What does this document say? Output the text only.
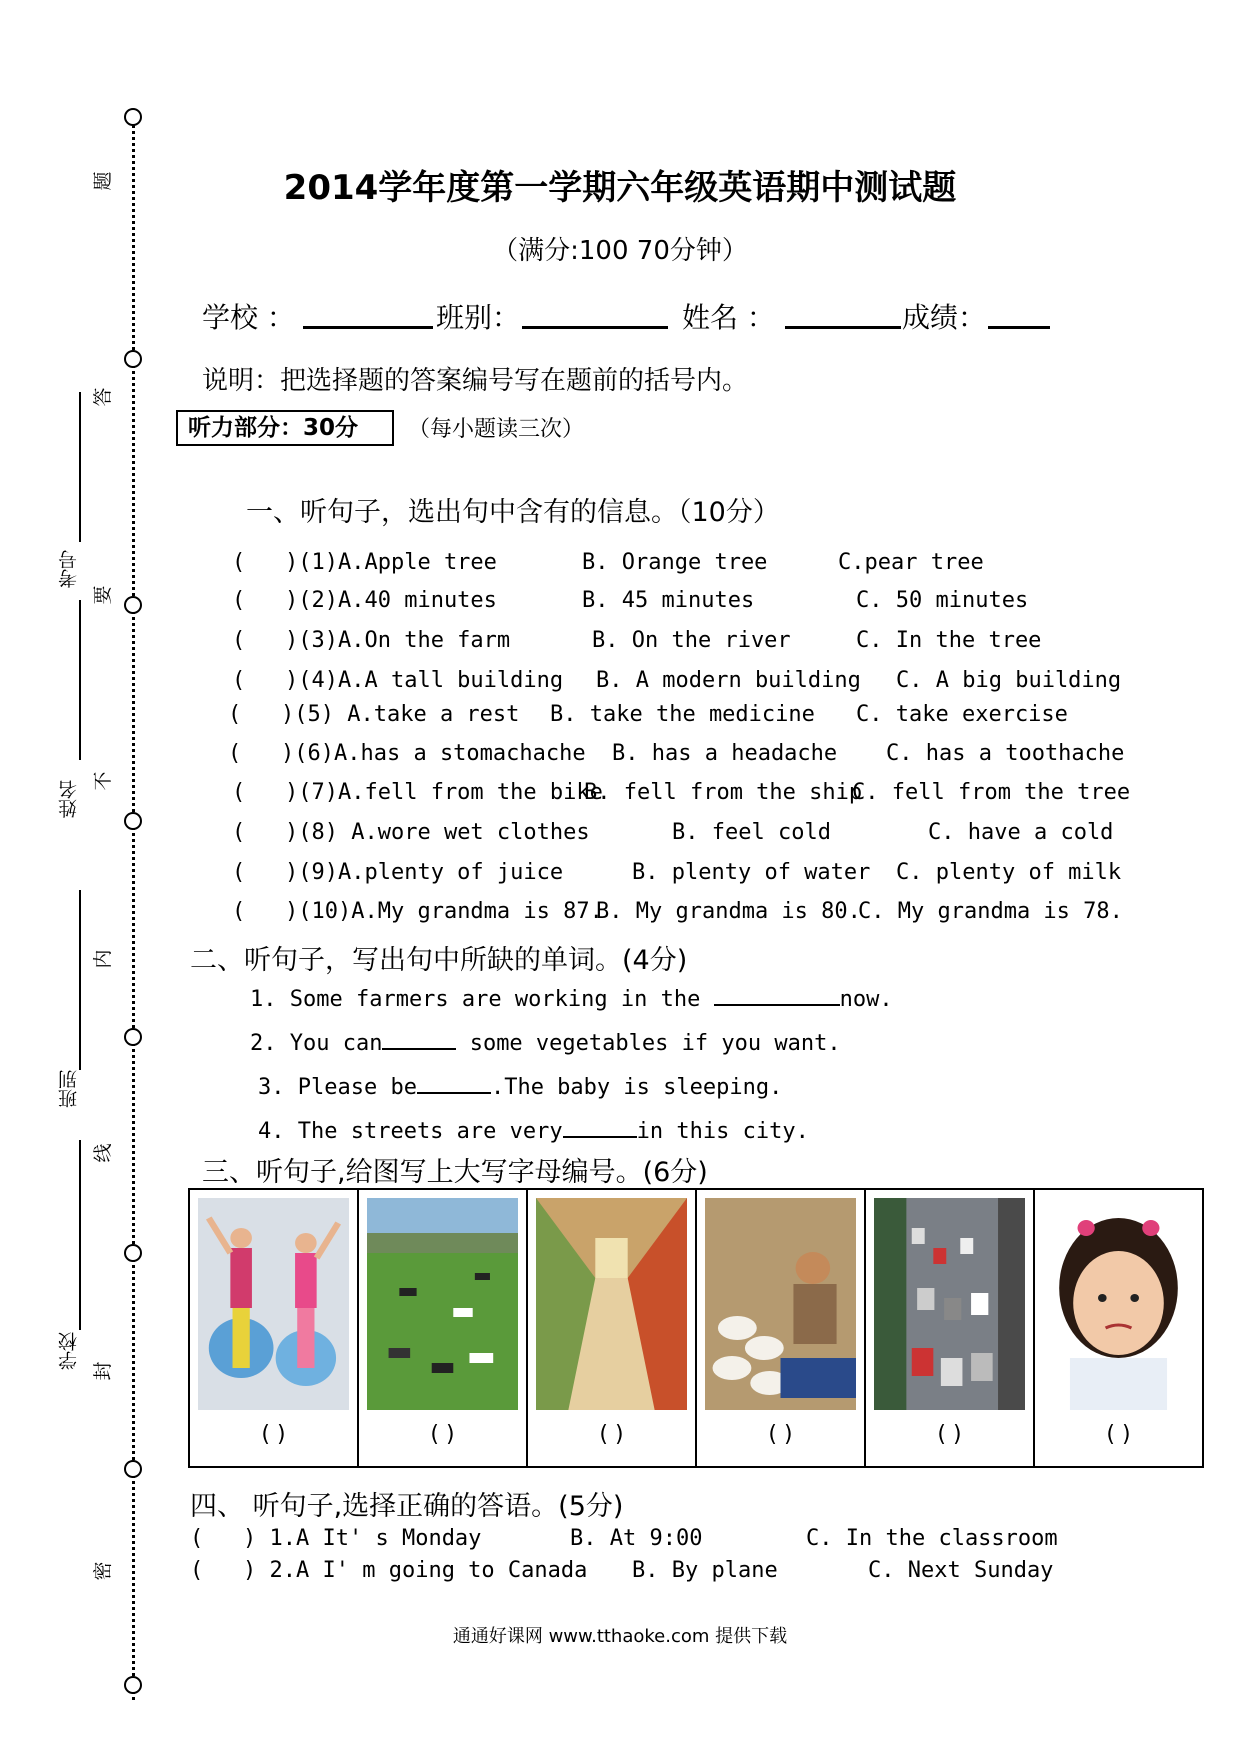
题
答
要
不
内
线
封
密
考号
姓名
班别
学校
2014学年度第一学期六年级英语期中测试题
（满分:100 70分钟）
学校 ：	班别：	姓名 ：	成绩：
说明：把选择题的答案编号写在题前的括号内。
听力部分：30分	（每小题读三次）
一、听句子，选出句中含有的信息。（10分）
(   )(1)A.Apple tree	B. Orange tree	C.pear tree
(   )(2)A.40 minutes	B. 45 minutes	C. 50 minutes
(   )(3)A.On the farm	B. On the river	C. In the tree
(   )(4)A.A tall building B. A modern building C. A big building
(   )(5) A.take a rest B. take the medicine C. take exercise
(   )(6)A.has a stomachache B. has a headache C. has a toothache
(   )(7)A.fell from the bike
B. fell from the ship
C. fell from the tree
(   )(8) A.wore wet clothes	B. feel cold	C. have a cold
(   )(9)A.plenty of juice	B. plenty of water C. plenty of milk
(   )(10)A.My grandma is 87.
B. My grandma is 80.
C. My grandma is 78.
二、听句子，写出句中所缺的单词。(4分)
1. Some farmers are working in the	now.
2. You can	some vegetables if you want.
3. Please be	.The baby is sleeping.
4. The streets are very	in this city.
三、听句子,给图写上大写字母编号。(6分)
( )	( )	( )	( )	( )	( )
四、 听句子,选择正确的答语。(5分)
(   ) 1.A It' s Monday	B. At 9:00	C. In the classroom
(   ) 2.A I' m going to Canada B. By plane	C. Next Sunday
通通好课网 www.tthaoke.com 提供下载
